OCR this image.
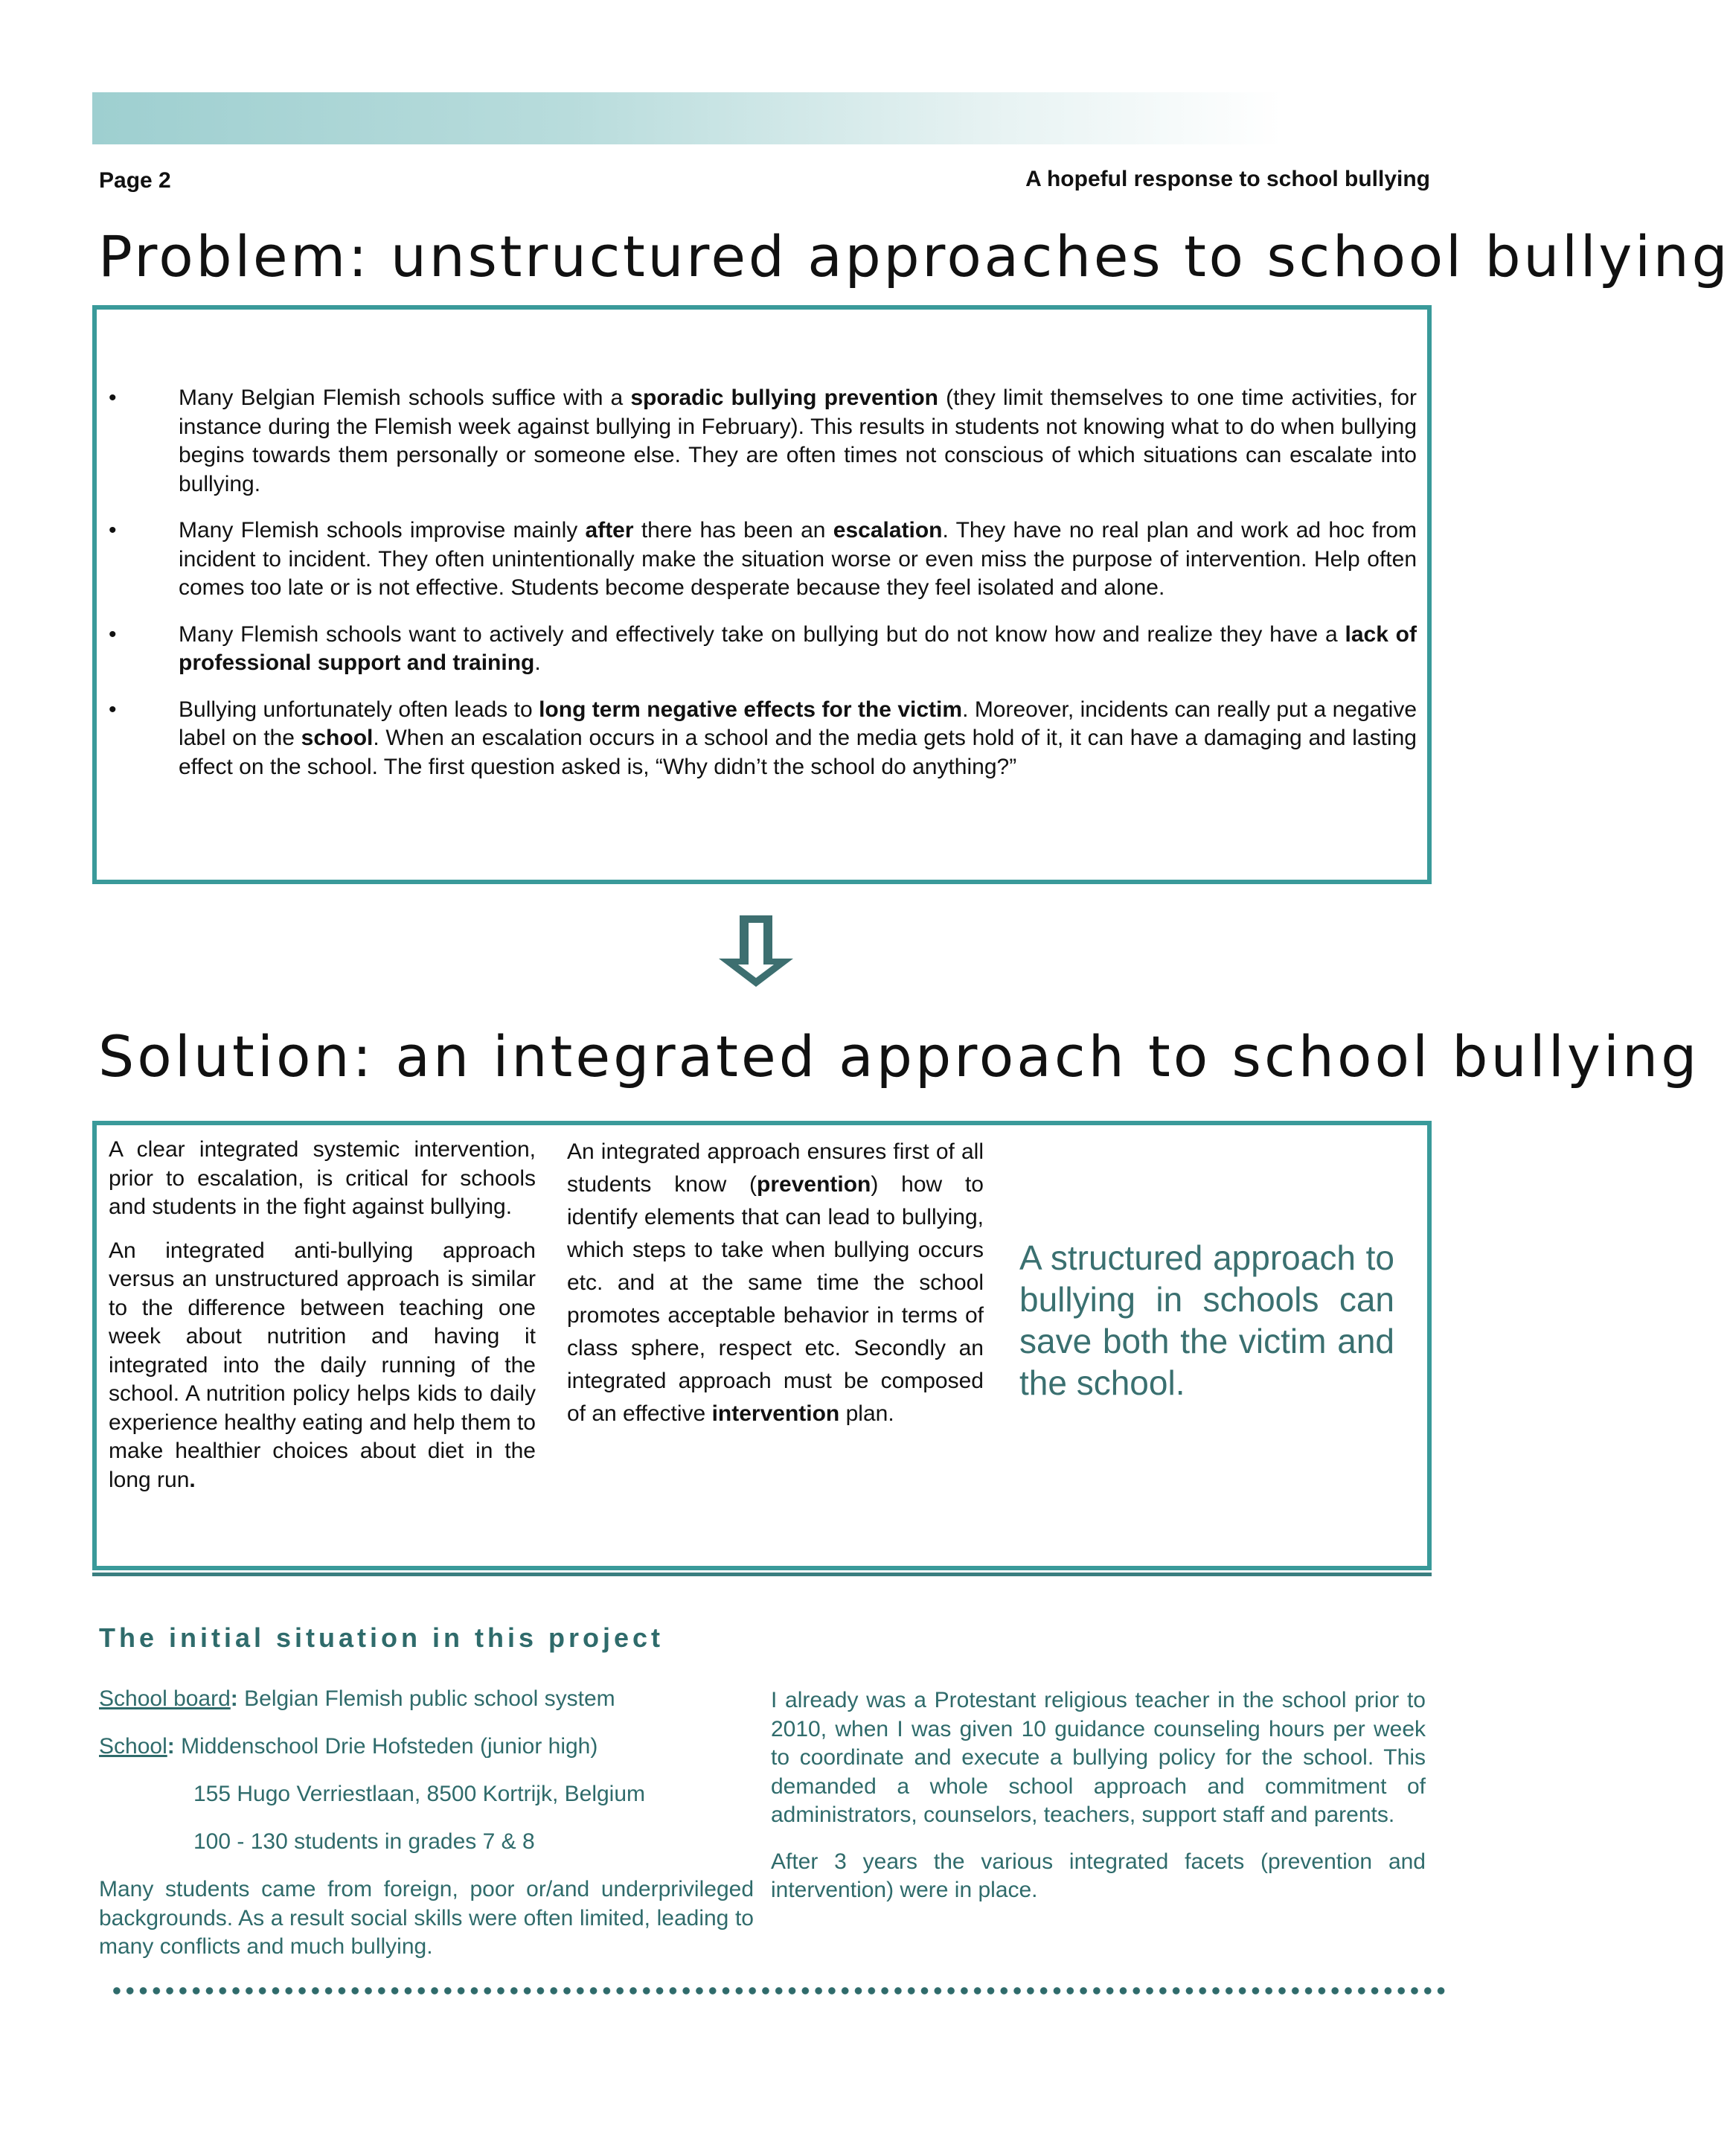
Page 2	A hopeful response to school bullying
Problem: unstructured approaches to school bullying
• Many Belgian Flemish schools suffice with a sporadic bullying prevention (they limit themselves to one time activities, for instance during the Flemish week against bullying in February). This results in students not knowing what to do when bullying begins towards them personally or someone else. They are often times not conscious of which situations can escalate into bullying.
• Many Flemish schools improvise mainly after there has been an escalation. They have no real plan and work ad hoc from incident to incident. They often unintentionally make the situation worse or even miss the purpose of intervention. Help often comes too late or is not effective. Students become desperate because they feel isolated and alone.
• Many Flemish schools want to actively and effectively take on bullying but do not know how and realize they have a lack of professional support and training.
• Bullying unfortunately often leads to long term negative effects for the victim. Moreover, incidents can really put a negative label on the school. When an escalation occurs in a school and the media gets hold of it, it can have a damaging and lasting effect on the school. The first question asked is, “Why didn’t the school do anything?”
Solution: an integrated approach to school bullying

A clear integrated systemic intervention, prior to escalation, is critical for schools and students in the fight against bullying.

An integrated anti-bullying approach versus an unstructured approach is similar to the difference between teaching one week about nutrition and having it integrated into the daily running of the school. A nutrition policy helps kids to daily experience healthy eating and help them to make healthier choices about diet in the long run.

An integrated approach ensures first of all students know (prevention) how to identify elements that can lead to bullying, which steps to take when bullying occurs etc. and at the same time the school promotes acceptable behavior in terms of class sphere, respect etc. Secondly an integrated approach must be composed of an effective intervention plan.

A structured approach to bullying in schools can save both the victim and the school.
The initial situation in this project
School board: Belgian Flemish public school system
School: Middenschool Drie Hofsteden (junior high)
155 Hugo Verriestlaan, 8500 Kortrijk, Belgium
100 - 130 students in grades 7 & 8
Many students came from foreign, poor or/and underprivileged backgrounds. As a result social skills were often limited, leading to many conflicts and much bullying.

I already was a Protestant religious teacher in the school prior to 2010, when I was given 10 guidance counseling hours per week to coordinate and execute a bullying policy for the school. This demanded a whole school approach and commitment of administrators, counselors, teachers, support staff and parents.

After 3 years the various integrated facets (prevention and intervention) were in place.
